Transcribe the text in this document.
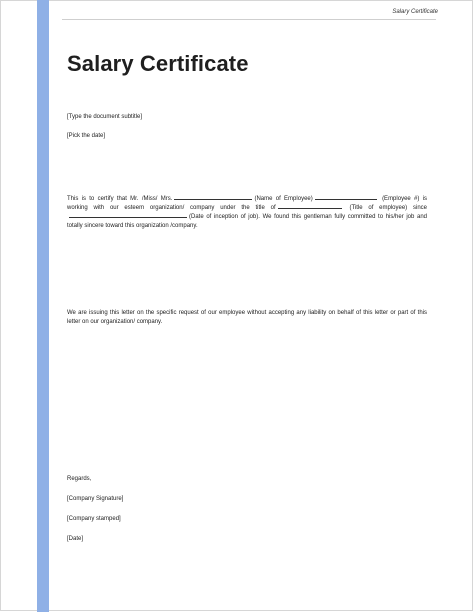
Salary Certificate
Salary Certificate
[Type the document subtitle]
[Pick the date]

This is to certify that Mr. /Miss/ Mrs.	(Name of Employee)	(Employee #) is working with our esteem organization/ company under the title of	(Title of employee) since(Date of inception of job). We found this gentleman fully committed to his/her job and totally sincere toward this organization /company.

We are issuing this letter on the specific request of our employee without accepting any liability on behalf of this letter or part of this letter on our organization/ company.

Regards,
[Company Signature]
[Company stamped]
[Date]
